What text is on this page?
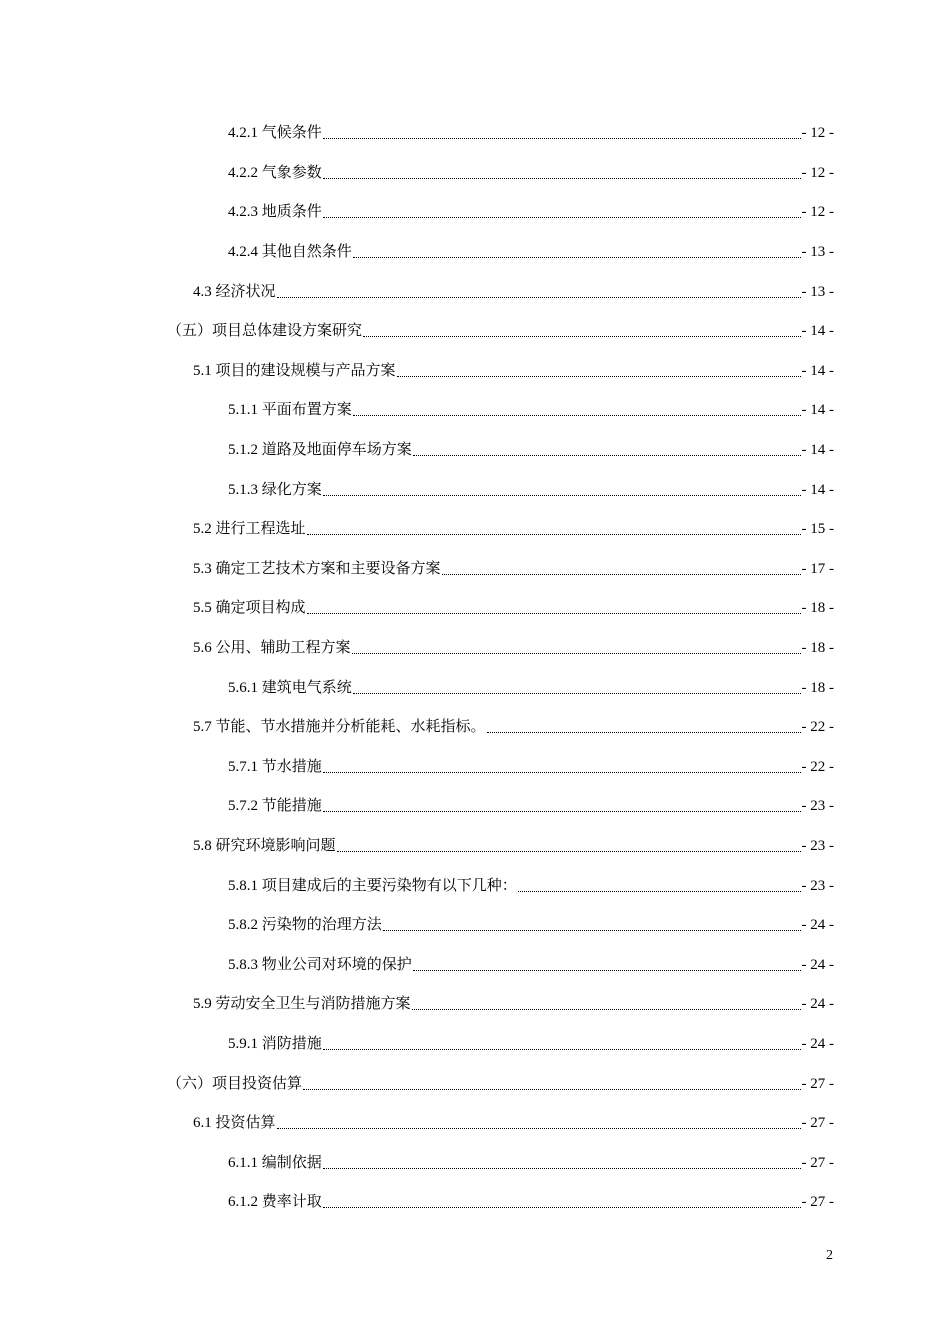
4.2.1 气候条件	- 12 -
4.2.2 气象参数	- 12 -
4.2.3 地质条件	- 12 -
4.2.4 其他自然条件	- 13 -
4.3 经济状况	- 13 -
（五）项目总体建设方案研究	- 14 -
5.1 项目的建设规模与产品方案	- 14 -
5.1.1 平面布置方案	- 14 -
5.1.2 道路及地面停车场方案	- 14 -
5.1.3 绿化方案	- 14 -
5.2 进行工程选址	- 15 -
5.3 确定工艺技术方案和主要设备方案	- 17 -
5.5 确定项目构成	- 18 -
5.6 公用、辅助工程方案	- 18 -
5.6.1 建筑电气系统	- 18 -
5.7 节能、节水措施并分析能耗、水耗指标。	- 22 -
5.7.1 节水措施	- 22 -
5.7.2 节能措施	- 23 -
5.8 研究环境影响问题	- 23 -
5.8.1 项目建成后的主要污染物有以下几种：	- 23 -
5.8.2 污染物的治理方法	- 24 -
5.8.3 物业公司对环境的保护	- 24 -
5.9 劳动安全卫生与消防措施方案	- 24 -
5.9.1 消防措施	- 24 -
（六）项目投资估算	- 27 -
6.1 投资估算	- 27 -
6.1.1 编制依据	- 27 -
6.1.2 费率计取	- 27 -
2
